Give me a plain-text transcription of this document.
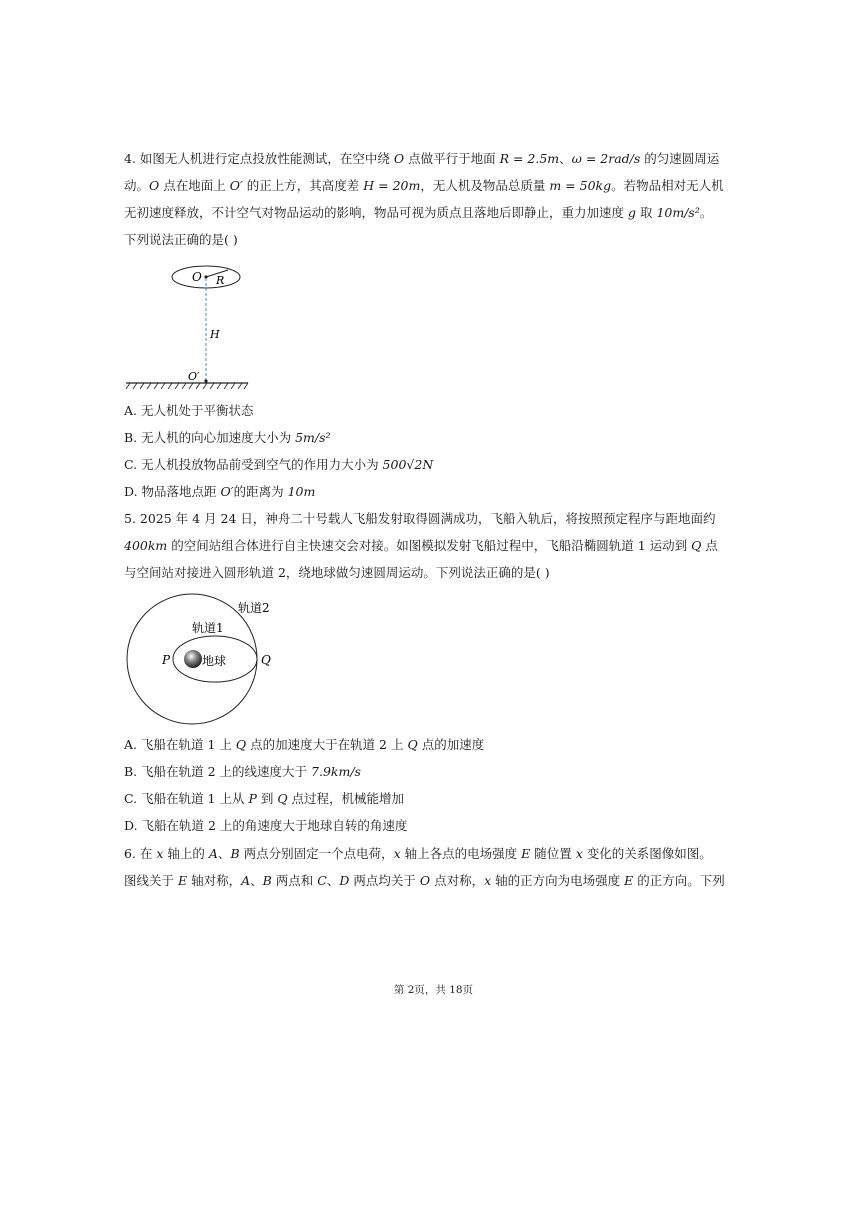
4. 如图无人机进行定点投放性能测试，在空中绕 O 点做平行于地面 R = 2.5m、ω = 2rad/s 的匀速圆周运
动。O 点在地面上 O′ 的正上方，其高度差 H = 20m，无人机及物品总质量 m = 50kg。若物品相对无人机
无初速度释放，不计空气对物品运动的影响，物品可视为质点且落地后即静止，重力加速度 g 取 10m/s²。
下列说法正确的是( )
O R
H
O′
A. 无人机处于平衡状态
B. 无人机的向心加速度大小为 5m/s²
C. 无人机投放物品前受到空气的作用力大小为 500√2N
D. 物品落地点距 O′的距离为 10m
5. 2025 年 4 月 24 日，神舟二十号载人飞船发射取得圆满成功，飞船入轨后，将按照预定程序与距地面约
400km 的空间站组合体进行自主快速交会对接。如图模拟发射飞船过程中，飞船沿椭圆轨道 1 运动到 Q 点
与空间站对接进入圆形轨道 2，绕地球做匀速圆周运动。下列说法正确的是( )
轨道2
轨道1
P	地球	Q
A. 飞船在轨道 1 上 Q 点的加速度大于在轨道 2 上 Q 点的加速度
B. 飞船在轨道 2 上的线速度大于 7.9km/s
C. 飞船在轨道 1 上从 P 到 Q 点过程，机械能增加
D. 飞船在轨道 2 上的角速度大于地球自转的角速度
6. 在 x 轴上的 A、B 两点分别固定一个点电荷，x 轴上各点的电场强度 E 随位置 x 变化的关系图像如图。
图线关于 E 轴对称，A、B 两点和 C、D 两点均关于 O 点对称，x 轴的正方向为电场强度 E 的正方向。下列
第 2页，共 18页
